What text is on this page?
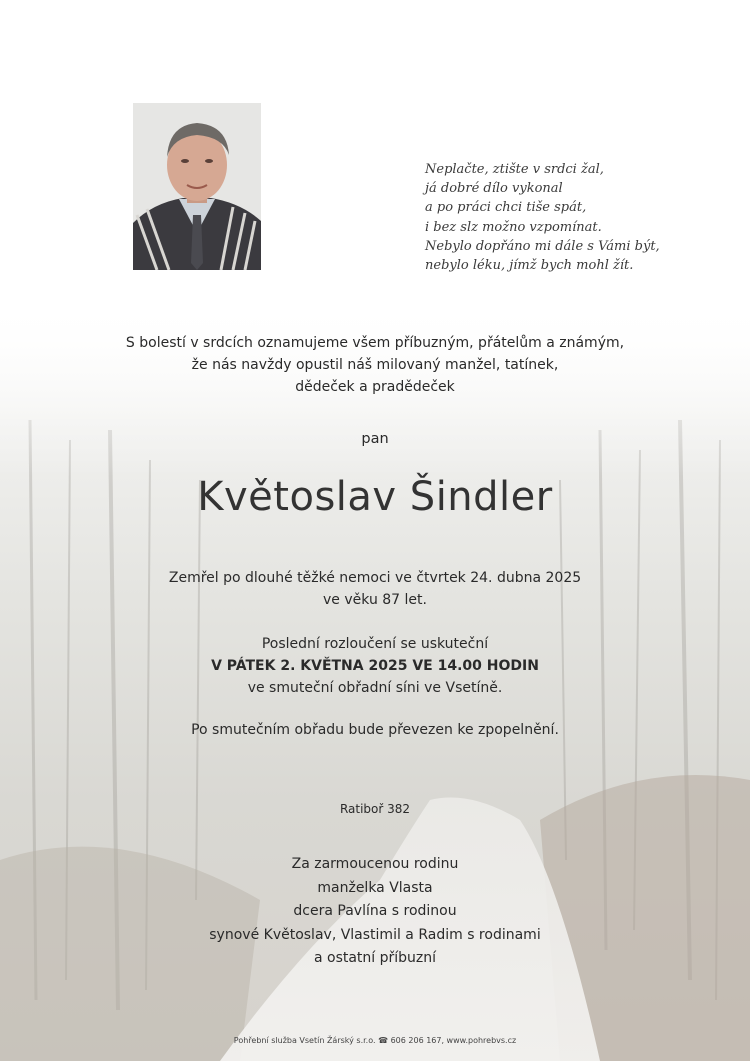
Neplačte, ztište v srdci žal,
já dobré dílo vykonal
a po práci chci tiše spát,
i bez slz možno vzpomínat.
Nebylo dopřáno mi dále s Vámi být,
nebylo léku, jímž bych mohl žít.
S bolestí v srdcích oznamujeme všem příbuzným, přátelům a známým,
že nás navždy opustil náš milovaný manžel, tatínek,
dědeček a pradědeček
pan
Květoslav Šindler
Zemřel po dlouhé těžké nemoci ve čtvrtek 24. dubna 2025
ve věku 87 let.
Poslední rozloučení se uskuteční
V PÁTEK 2. KVĚTNA 2025 VE 14.00 HODIN
ve smuteční obřadní síni ve Vsetíně.
Po smutečním obřadu bude převezen ke zpopelnění.
Ratiboř 382
Za zarmoucenou rodinu
manželka Vlasta
dcera Pavlína s rodinou
synové Květoslav, Vlastimil a Radim s rodinami
a ostatní příbuzní
Pohřební služba Vsetín Žárský s.r.o. ☎ 606 206 167, www.pohrebvs.cz
